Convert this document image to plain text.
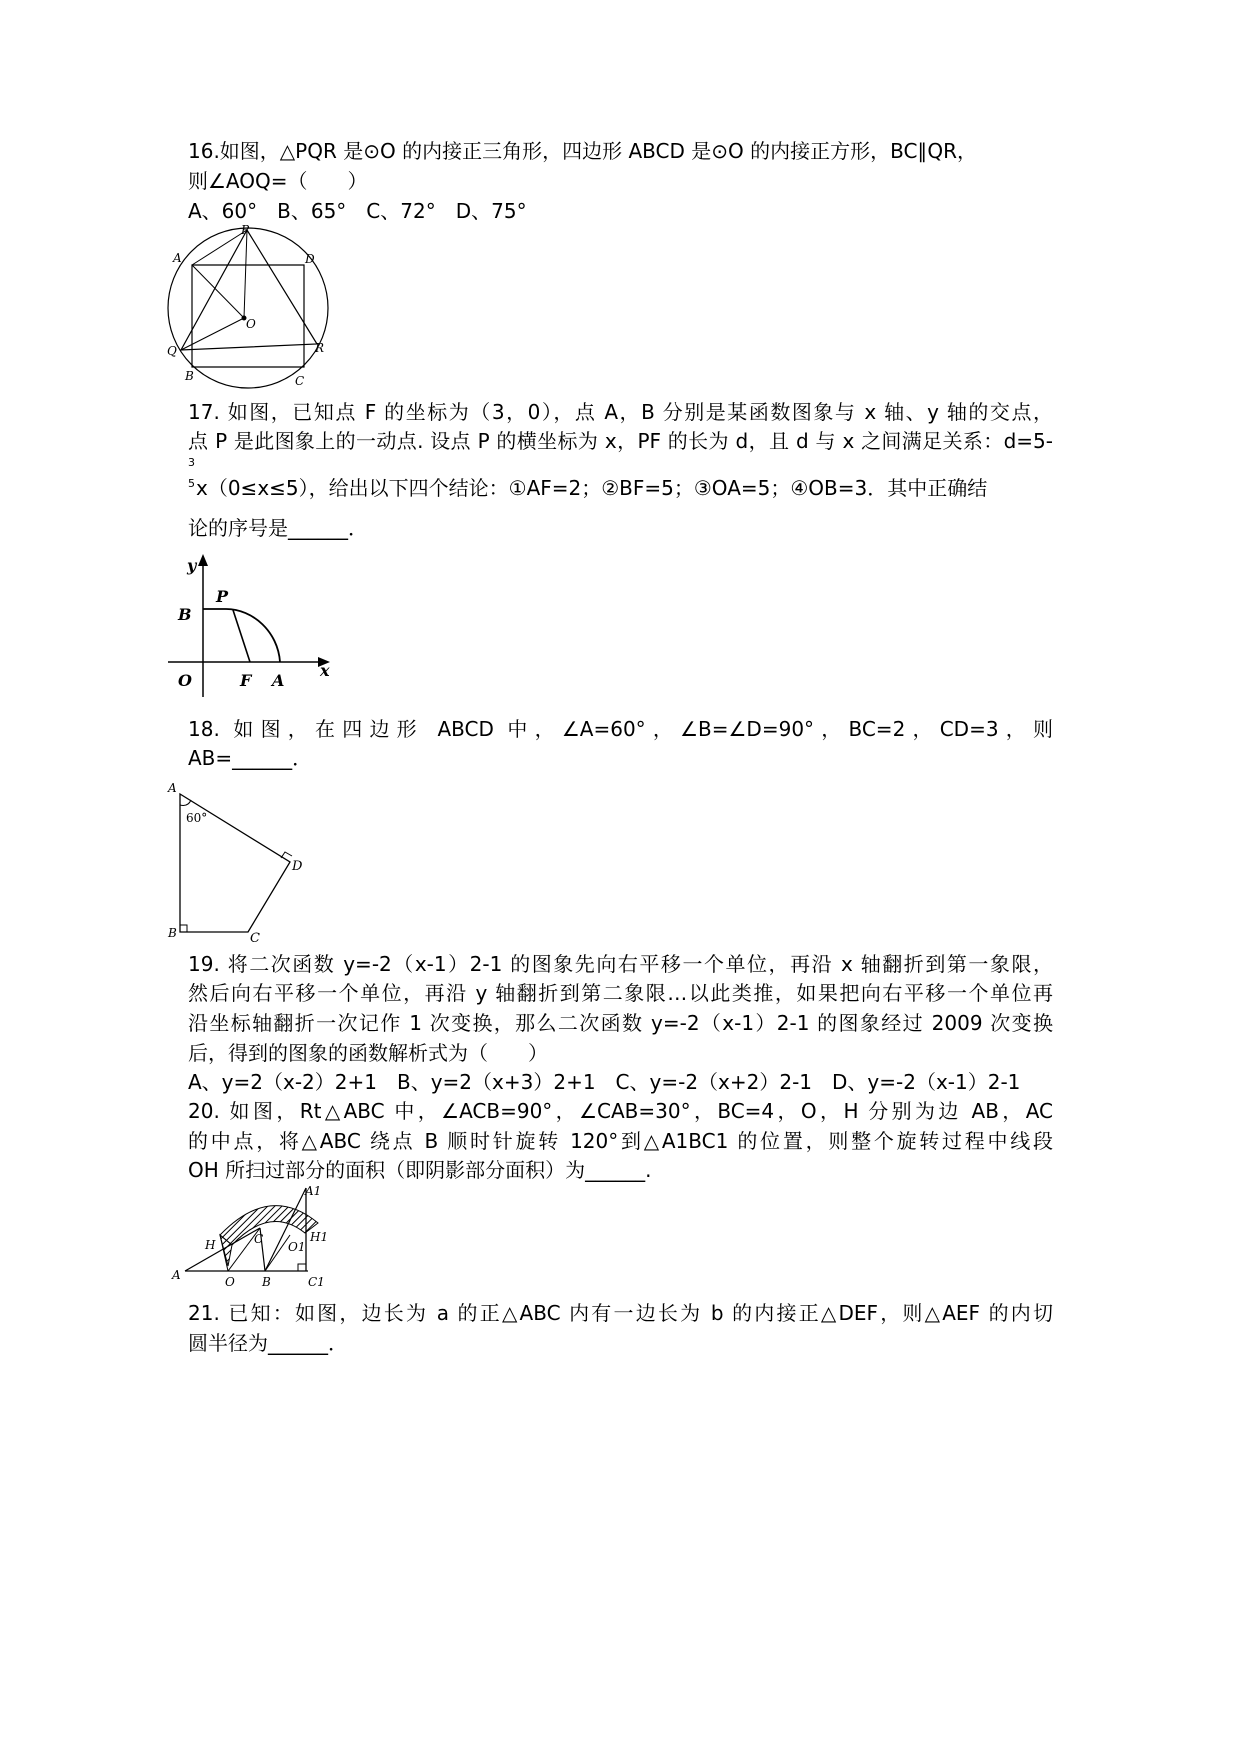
16.如图，△PQR 是⊙O 的内接正三角形，四边形 ABCD 是⊙O 的内接正方形，BC∥QR，
则∠AOQ=（　　）
A、60°　B、65°　C、72°　D、75°
A
P
D
O
Q	R
B	C
17. 如图，已知点 F 的坐标为（3，0），点 A，B 分别是某函数图象与 x 轴、y 轴的交点，
点 P 是此图象上的一动点. 设点 P 的横坐标为 x，PF 的长为 d，且 d 与 x 之间满足关系：d=5-
3
5 x（0≤x≤5），给出以下四个结论：①AF=2；②BF=5；③OA=5；④OB=3．其中正确结
论的序号是______．
y
x
B
P
O	F A
18. 如图，在四边形 ABCD 中，∠A=60°，∠B=∠D=90°，BC=2，CD=3，则
AB=______．
A
60°
D
B	C
19. 将二次函数 y=-2（x-1）2-1 的图象先向右平移一个单位，再沿 x 轴翻折到第一象限，
然后向右平移一个单位，再沿 y 轴翻折到第二象限…以此类推，如果把向右平移一个单位再
沿坐标轴翻折一次记作 1 次变换，那么二次函数 y=-2（x-1）2-1 的图象经过 2009 次变换
后，得到的图象的函数解析式为（　　）
A、y=2（x-2）2+1　B、y=2（x+3）2+1　C、y=-2（x+2）2-1　D、y=-2（x-1）2-1
20. 如图，Rt△ABC 中，∠ACB=90°，∠CAB=30°，BC=4，O，H 分别为边 AB，AC
的中点，将△ABC 绕点 B 顺时针旋转 120°到△A1BC1 的位置，则整个旋转过程中线段
OH 所扫过部分的面积（即阴影部分面积）为______.
A1
H1
H	C
O1
A	O B	C1
21. 已知：如图，边长为 a 的正△ABC 内有一边长为 b 的内接正△DEF，则△AEF 的内切
圆半径为______．
